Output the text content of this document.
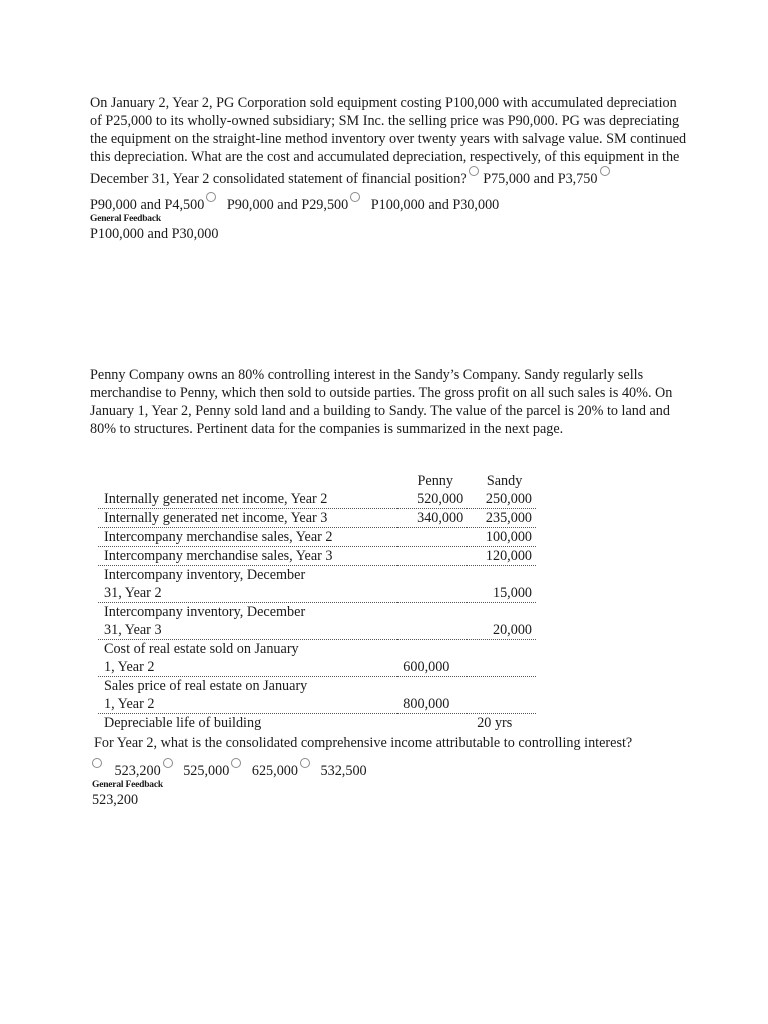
On January 2, Year 2, PG Corporation sold equipment costing P100,000 with accumulated depreciation of P25,000 to its wholly-owned subsidiary; SM Inc. the selling price was P90,000. PG was depreciating the equipment on the straight-line method inventory over twenty years with salvage value. SM continued this depreciation. What are the cost and accumulated depreciation, respectively, of this equipment in the December 31, Year 2 consolidated statement of financial position? P75,000 and P3,750

P90,000 and P4,500 P90,000 and P29,500 P100,000 and P30,000
General Feedback
P100,000 and P30,000

Penny Company owns an 80% controlling interest in the Sandy’s Company. Sandy regularly sells merchandise to Penny, which then sold to outside parties. The gross profit on all such sales is 40%. On January 1, Year 2, Penny sold land and a building to Sandy. The value of the parcel is 20% to land and 80% to structures. Pertinent data for the companies is summarized in the next page.

	Penny	Sandy
Internally generated net income, Year 2	520,000	250,000
Internally generated net income, Year 3	340,000	235,000
Intercompany merchandise sales, Year 2		100,000
Intercompany merchandise sales, Year 3		120,000
Intercompany inventory, December 31, Year 2		15,000
Intercompany inventory, December 31, Year 3		20,000
Cost of real estate sold on January 1, Year 2	600,000	
Sales price of real estate on January 1, Year 2	800,000	
Depreciable life of building		20 yrs

For Year 2, what is the consolidated comprehensive income attributable to controlling interest?

523,200 525,000 625,000 532,500
General Feedback
523,200
